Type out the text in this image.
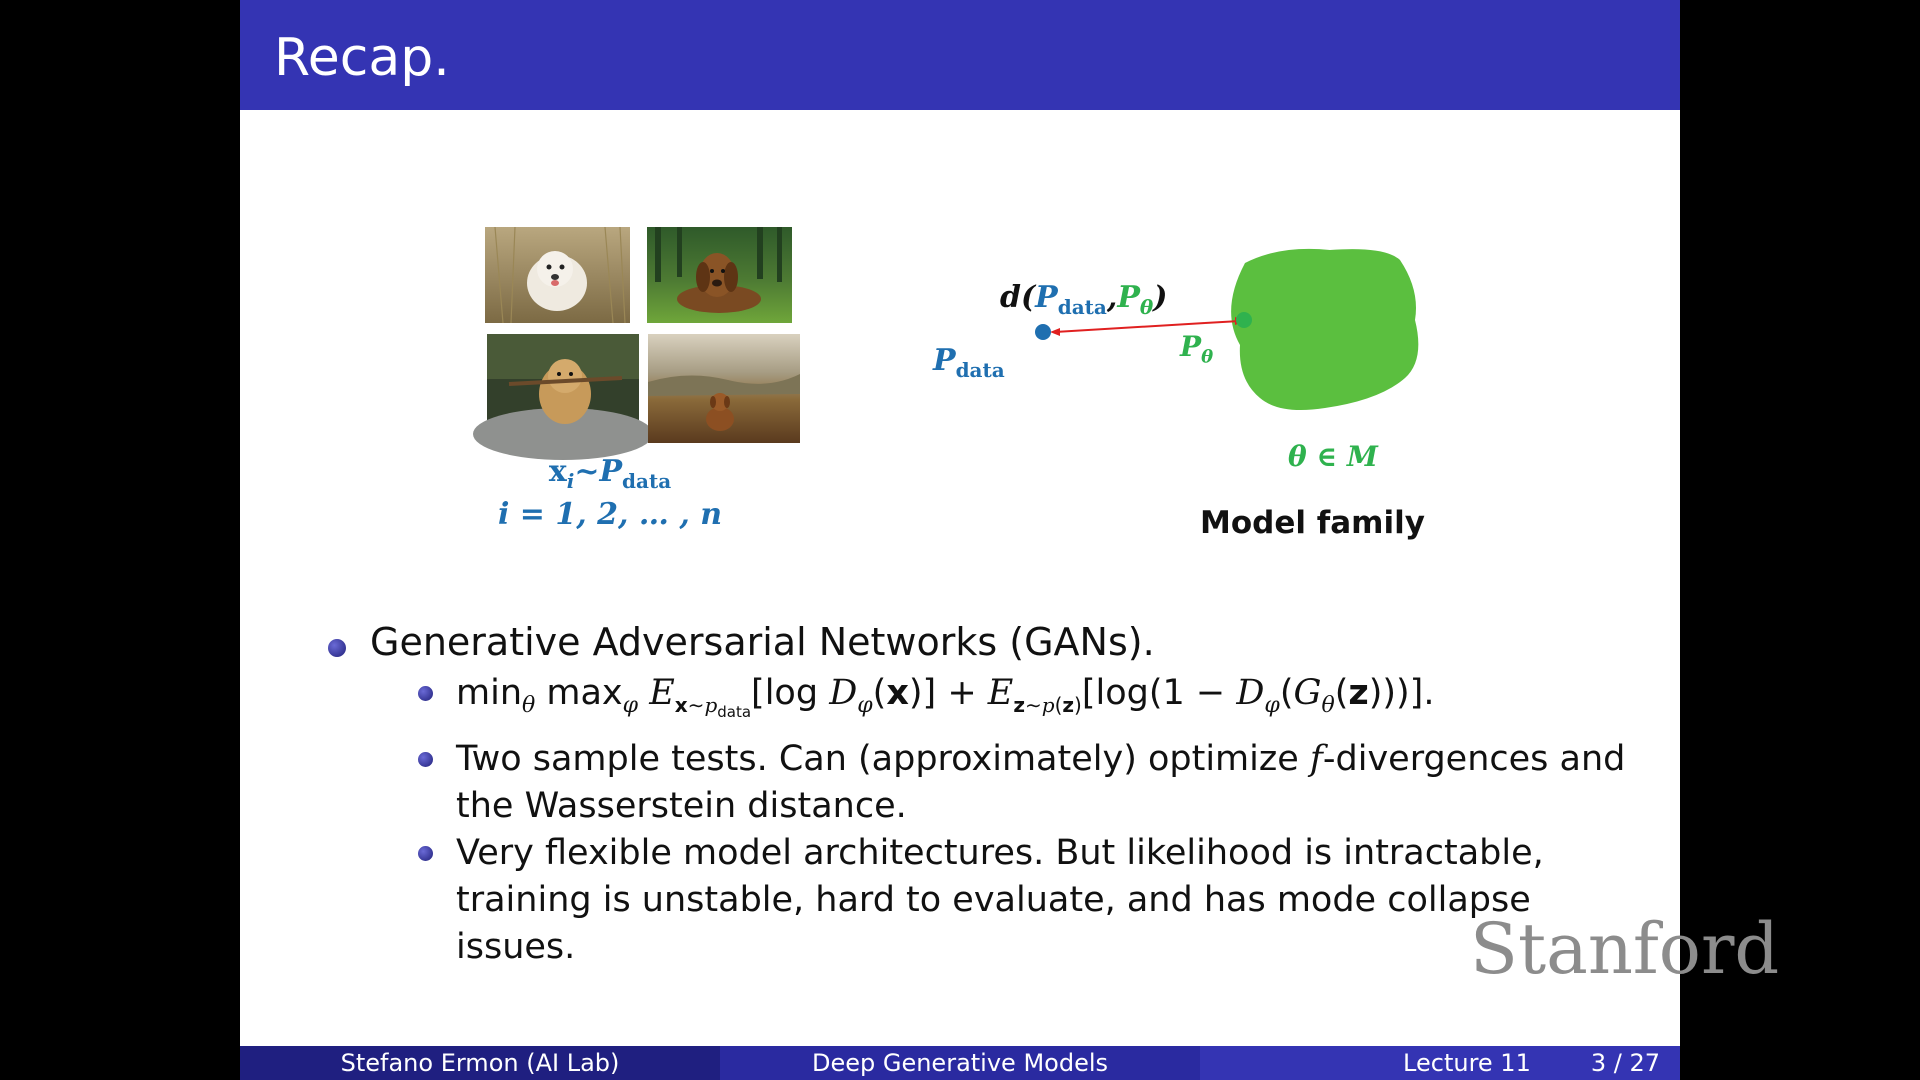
Recap.
$x_i\sim P_{data}$
i = 1, 2, … , n
$d(P_{data},P_\theta)$
$P_{data}$
$P_\theta$
θ ∈ M
Model family
Generative Adversarial Networks (GANs).
$\min_\theta \max_\varphi E_{x\sim p_{data}}[\log$ $D_\varphi(x)] + E_{z\sim p(z)}[\log(1 - D_\varphi(G_\theta(z)))]$.
Two sample tests. Can (approximately) optimize f-divergences and the Wasserstein distance.
Very flexible model architectures. But likelihood is intractable, training is unstable, hard to evaluate, and has mode collapse issues.	Stanford
Stefano Ermon (AI Lab)	Deep Generative Models	Lecture 11	3 / 27
